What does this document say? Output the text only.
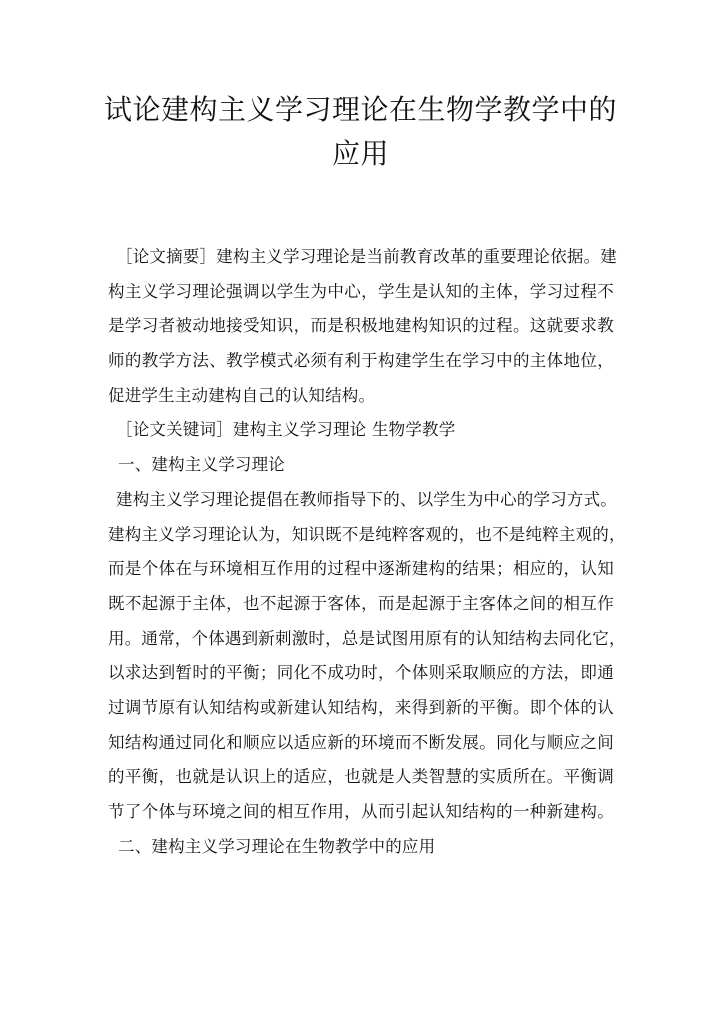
试论建构主义学习理论在生物学教学中的
应用
［论文摘要］建构主义学习理论是当前教育改革的重要理论依据。建
构主义学习理论强调以学生为中心，学生是认知的主体，学习过程不
是学习者被动地接受知识，而是积极地建构知识的过程。这就要求教
师的教学方法、教学模式必须有利于构建学生在学习中的主体地位，
促进学生主动建构自己的认知结构。
［论文关键词］建构主义学习理论 生物学教学
一、建构主义学习理论
建构主义学习理论提倡在教师指导下的、以学生为中心的学习方式。
建构主义学习理论认为，知识既不是纯粹客观的，也不是纯粹主观的，
而是个体在与环境相互作用的过程中逐渐建构的结果；相应的，认知
既不起源于主体，也不起源于客体，而是起源于主客体之间的相互作
用。通常，个体遇到新刺激时，总是试图用原有的认知结构去同化它，
以求达到暂时的平衡；同化不成功时，个体则采取顺应的方法，即通
过调节原有认知结构或新建认知结构，来得到新的平衡。即个体的认
知结构通过同化和顺应以适应新的环境而不断发展。同化与顺应之间
的平衡，也就是认识上的适应，也就是人类智慧的实质所在。平衡调
节了个体与环境之间的相互作用，从而引起认知结构的一种新建构。
二、建构主义学习理论在生物教学中的应用
